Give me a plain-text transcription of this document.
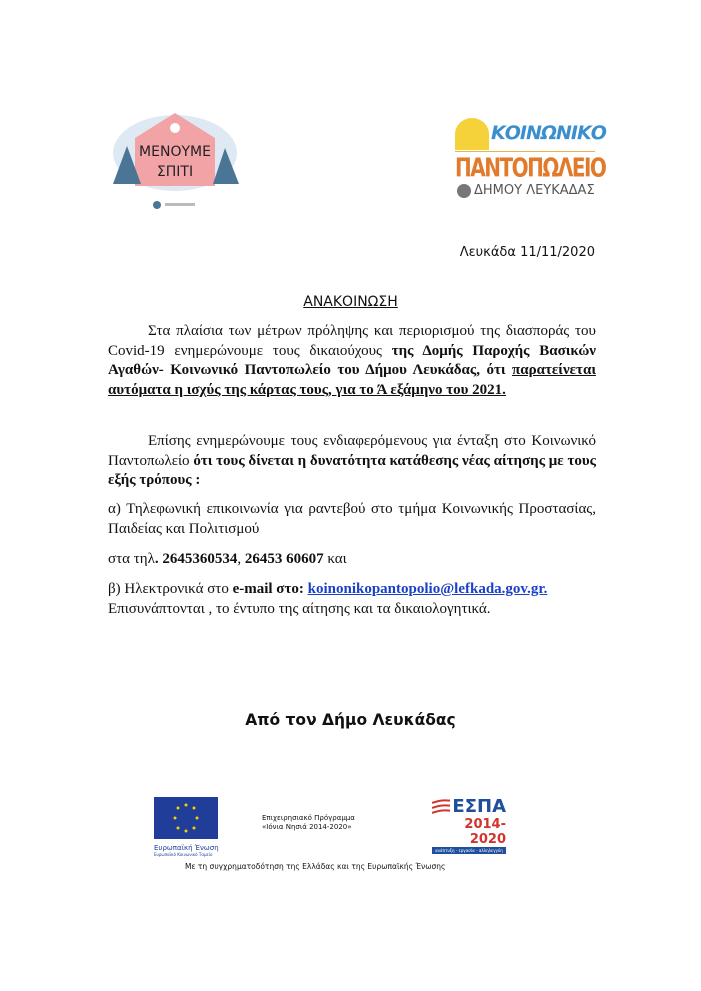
ΜΕΝΟΥΜΕ
ΣΠΙΤΙ
ΚΟΙΝΩΝΙΚΟ
ΠΑΝΤΟΠΩΛΕΙΟ
ΔΗΜΟΥ ΛΕΥΚΑΔΑΣ
Λευκάδα 11/11/2020
ΑΝΑΚΟΙΝΩΣΗ
Στα πλαίσια των μέτρων πρόληψης και περιορισμού της διασποράς του Covid-19 ενημερώνουμε τους δικαιούχους της Δομής Παροχής Βασικών Αγαθών- Κοινωνικό Παντοπωλείο του Δήμου Λευκάδας, ότι παρατείνεται αυτόματα η ισχύς της κάρτας τους, για το Ά εξάμηνο του 2021.
Επίσης ενημερώνουμε τους ενδιαφερόμενους για ένταξη στο Κοινωνικό Παντοπωλείο ότι τους δίνεται η δυνατότητα κατάθεσης νέας αίτησης με τους εξής τρόπους :
α) Τηλεφωνική επικοινωνία για ραντεβού στο τμήμα Κοινωνικής Προστασίας, Παιδείας και Πολιτισμού
στα τηλ. 2645360534, 26453 60607 και
β) Ηλεκτρονικά στο e-mail στο: koinonikopantopolio@lefkada.gov.gr.
Επισυνάπτονται , το έντυπο της αίτησης και τα δικαιολογητικά.
Από τον Δήμο Λευκάδας
Ευρωπαϊκή Ένωση
Ευρωπαϊκό Κοινωνικό Ταμείο
Επιχειρησιακό Πρόγραμμα
«Ιόνια Νησιά 2014-2020»
ΕΣΠΑ
2014-2020
ανάπτυξη - εργασία - αλληλεγγύη
Με τη συγχρηματοδότηση της Ελλάδας και της Ευρωπαϊκής Ένωσης
